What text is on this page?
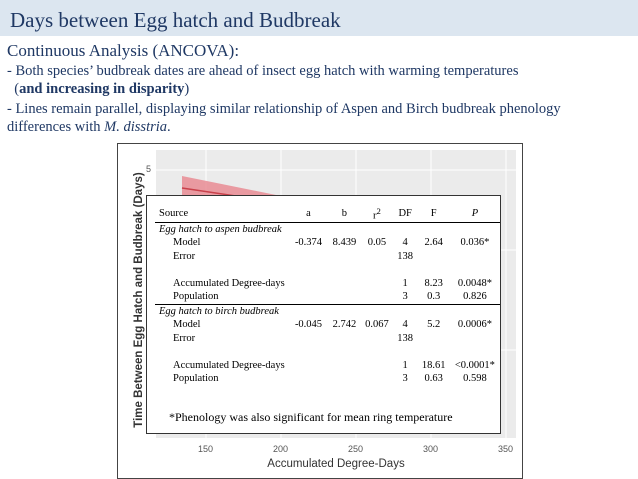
Days between Egg hatch and Budbreak
Continuous Analysis (ANCOVA):
- Both species’ budbreak dates are ahead of insect egg hatch with warming temperatures
(and increasing in disparity)
- Lines remain parallel, displaying similar relationship of Aspen and Birch budbreak phenology
differences with M. disstria.
Time Between Egg Hatch and Budbreak (Days)
5
150	200	250	300	350
Accumulated Degree-Days
Source	a	b	$r^2$	DF	F	P
Egg hatch to aspen budbreak						
Model	-0.374	8.439	0.05	4	2.64	0.036*
Error				138		

Accumulated Degree-days				1	8.23	0.0048*
Population				3	0.3	0.826
Egg hatch to birch budbreak						
Model	-0.045	2.742	0.067	4	5.2	0.0006*
Error				138		

Accumulated Degree-days				1	18.61	<0.0001*
Population				3	0.63	0.598
*Phenology was also significant for mean ring temperature
